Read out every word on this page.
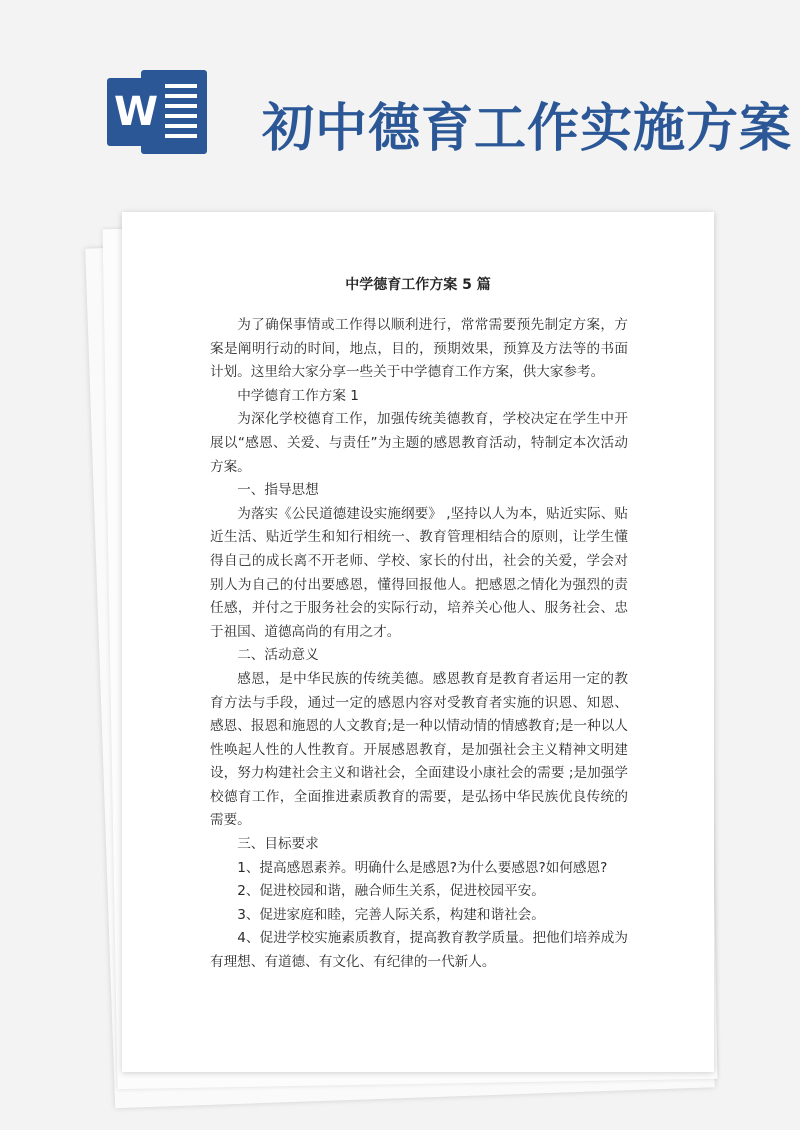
W 初中德育工作实施方案
中学德育工作方案 5 篇

为了确保事情或工作得以顺利进行，常常需要预先制定方案，方案是阐明行动的时间，地点，目的，预期效果，预算及方法等的书面计划。这里给大家分享一些关于中学德育工作方案，供大家参考。

中学德育工作方案 1

为深化学校德育工作，加强传统美德教育，学校决定在学生中开展以“感恩、关爱、与责任”为主题的感恩教育活动，特制定本次活动方案。

一、指导思想

为落实《公民道德建设实施纲要》 ,坚持以人为本，贴近实际、贴近生活、贴近学生和知行相统一、教育管理相结合的原则，让学生懂得自己的成长离不开老师、学校、家长的付出，社会的关爱，学会对别人为自己的付出要感恩，懂得回报他人。把感恩之情化为强烈的责任感，并付之于服务社会的实际行动，培养关心他人、服务社会、忠于祖国、道德高尚的有用之才。

二、活动意义

感恩，是中华民族的传统美德。感恩教育是教育者运用一定的教育方法与手段，通过一定的感恩内容对受教育者实施的识恩、知恩、感恩、报恩和施恩的人文教育;是一种以情动情的情感教育;是一种以人性唤起人性的人性教育。开展感恩教育，是加强社会主义精神文明建设，努力构建社会主义和谐社会，全面建设小康社会的需要 ;是加强学校德育工作，全面推进素质教育的需要，是弘扬中华民族优良传统的需要。

三、目标要求

1、提高感恩素养。明确什么是感恩?为什么要感恩?如何感恩?

2、促进校园和谐，融合师生关系，促进校园平安。

3、促进家庭和睦，完善人际关系，构建和谐社会。

4、促进学校实施素质教育，提高教育教学质量。把他们培养成为有理想、有道德、有文化、有纪律的一代新人。
